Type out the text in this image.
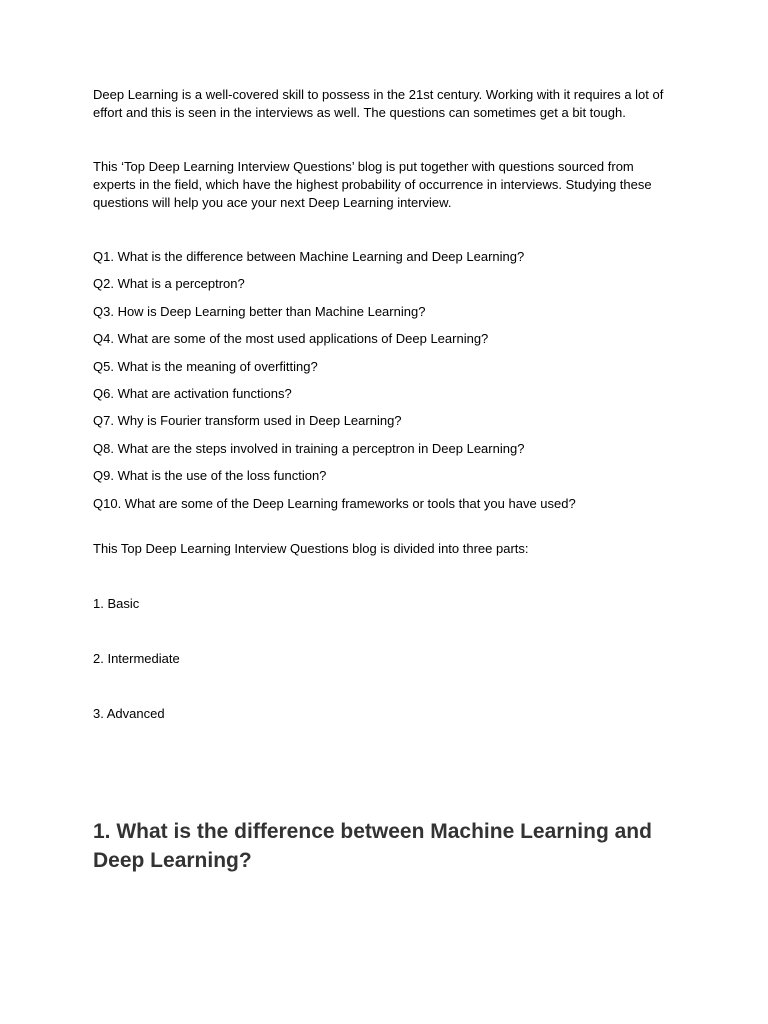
Deep Learning is a well-covered skill to possess in the 21st century. Working with it requires a lot of effort and this is seen in the interviews as well. The questions can sometimes get a bit tough.

This ‘Top Deep Learning Interview Questions’ blog is put together with questions sourced from experts in the field, which have the highest probability of occurrence in interviews. Studying these questions will help you ace your next Deep Learning interview.

Q1. What is the difference between Machine Learning and Deep Learning?

Q2. What is a perceptron?

Q3. How is Deep Learning better than Machine Learning?

Q4. What are some of the most used applications of Deep Learning?

Q5. What is the meaning of overfitting?

Q6. What are activation functions?

Q7. Why is Fourier transform used in Deep Learning?

Q8. What are the steps involved in training a perceptron in Deep Learning?

Q9. What is the use of the loss function?

Q10. What are some of the Deep Learning frameworks or tools that you have used?

This Top Deep Learning Interview Questions blog is divided into three parts:

1. Basic

2. Intermediate

3. Advanced

1. What is the difference between Machine Learning and Deep Learning?
